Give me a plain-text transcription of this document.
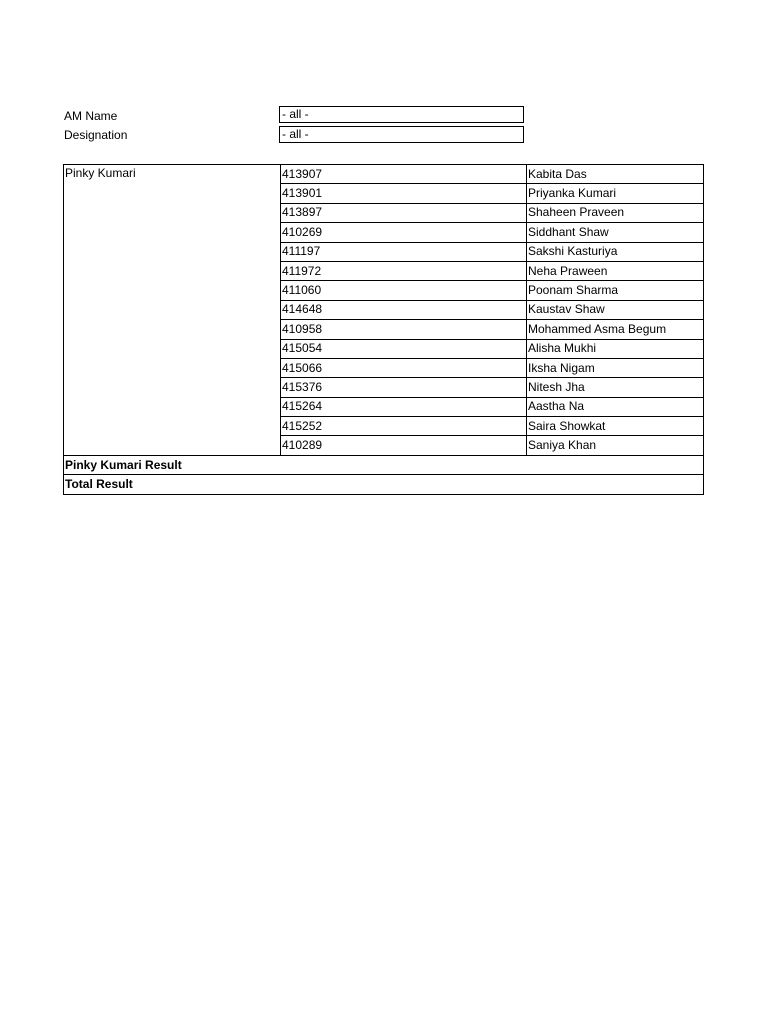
AM Name	- all -
Designation	- all -
Pinky Kumari	413907	Kabita Das
	413901	Priyanka Kumari
	413897	Shaheen Praveen
	410269	Siddhant Shaw
	411197	Sakshi Kasturiya
	411972	Neha Praween
	411060	Poonam Sharma
	414648	Kaustav Shaw
	410958	Mohammed Asma Begum
	415054	Alisha Mukhi
	415066	Iksha Nigam
	415376	Nitesh Jha
	415264	Aastha Na
	415252	Saira Showkat
	410289	Saniya Khan
Pinky Kumari Result		
Total Result		
